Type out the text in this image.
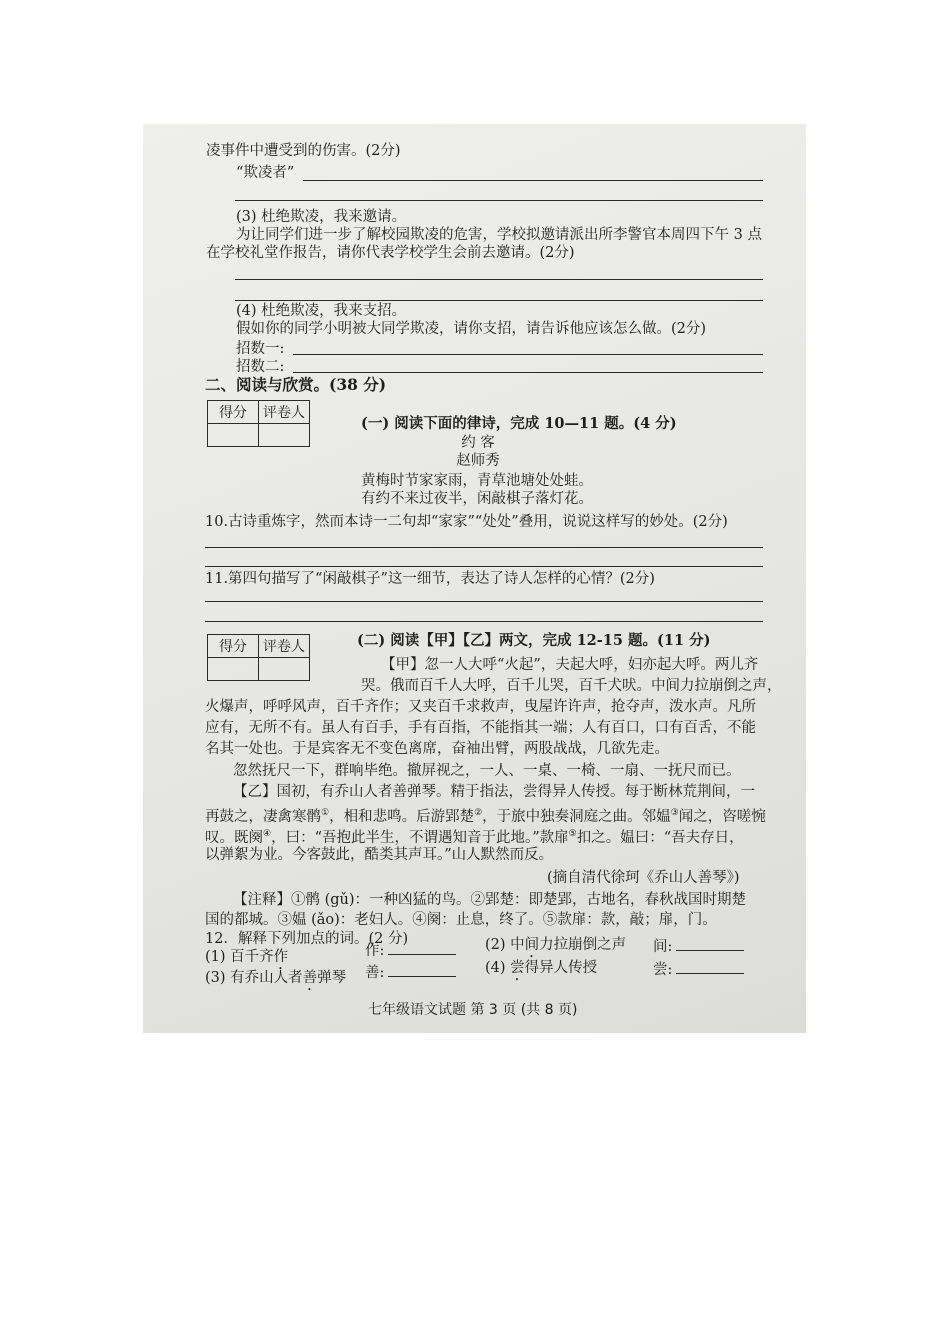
凌事件中遭受到的伤害。(2分)
“欺凌者”
(3) 杜绝欺凌，我来邀请。
为让同学们进一步了解校园欺凌的危害，学校拟邀请派出所李警官本周四下午 3 点
在学校礼堂作报告，请你代表学校学生会前去邀请。(2分)
(4) 杜绝欺凌，我来支招。
假如你的同学小明被大同学欺凌，请你支招，请告诉他应该怎么做。(2分)
招数一:
招数二:
二、阅读与欣赏。(38 分)
得分	评卷人

(一) 阅读下面的律诗，完成 10—11 题。(4 分)
约 客
赵师秀
黄梅时节家家雨，青草池塘处处蛙。
有约不来过夜半，闲敲棋子落灯花。
10.古诗重炼字，然而本诗一二句却“家家”“处处”叠用，说说这样写的妙处。(2分)
11.第四句描写了“闲敲棋子”这一细节，表达了诗人怎样的心情？(2分)
得分	评卷人
		(二) 阅读【甲】【乙】两文，完成 12-15 题。(11 分)
【甲】忽一人大呼“火起”，夫起大呼，妇亦起大呼。两儿齐
哭。俄而百千人大呼，百千儿哭，百千犬吠。中间力拉崩倒之声，
火爆声，呼呼风声，百千齐作；又夹百千求救声，曳屋许许声，抢夺声，泼水声。凡所
应有，无所不有。虽人有百手，手有百指，不能指其一端；人有百口，口有百舌，不能
名其一处也。于是宾客无不变色离席，奋袖出臂，两股战战，几欲先走。
忽然抚尺一下，群响毕绝。撤屏视之，一人、一桌、一椅、一扇、一抚尺而已。
【乙】国初，有乔山人者善弹琴。精于指法，尝得异人传授。每于断林荒荆间，一
再鼓之，凄禽寒鹘①，相和悲鸣。后游郢楚②，于旅中独奏洞庭之曲。邻媪③闻之，咨嗟惋
叹。既阕④，曰：“吾抱此半生，不谓遇知音于此地。”款扉⑤扣之。媪曰：“吾夫存日，
以弹絮为业。今客鼓此，酷类其声耳。”山人默然而反。
(摘自清代徐珂《乔山人善琴》)
【注释】①鹘 (gǔ)：一种凶猛的鸟。②郢楚：即楚郢，古地名，春秋战国时期楚
国的都城。③媪 (ǎo)：老妇人。④阕：止息，终了。⑤款扉：款，敲；扉，门。
12．解释下列加点的词。(2 分)
(1) 百千齐作	作:	(2) 中间力拉崩倒之声 间:
(3) 有乔山人者善弹琴 善:	(4) 尝得异人传授	尝:
七年级语文试题 第 3 页 (共 8 页)
